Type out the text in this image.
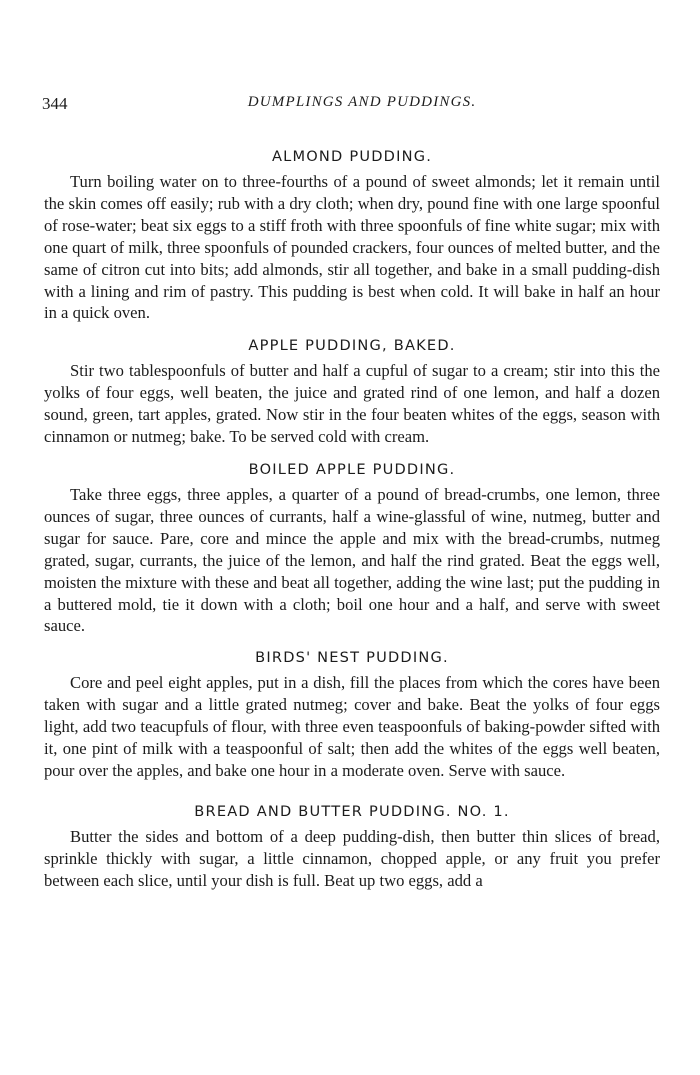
344	DUMPLINGS AND PUDDINGS.
ALMOND PUDDING.

Turn boiling water on to three-fourths of a pound of sweet almonds; let it remain until the skin comes off easily; rub with a dry cloth; when dry, pound fine with one large spoonful of rose-water; beat six eggs to a stiff froth with three spoonfuls of fine white sugar; mix with one quart of milk, three spoonfuls of pounded crackers, four ounces of melted butter, and the same of citron cut into bits; add almonds, stir all together, and bake in a small pudding-dish with a lining and rim of pastry. This pudding is best when cold. It will bake in half an hour in a quick oven.

APPLE PUDDING, BAKED.

Stir two tablespoonfuls of butter and half a cupful of sugar to a cream; stir into this the yolks of four eggs, well beaten, the juice and grated rind of one lemon, and half a dozen sound, green, tart apples, grated. Now stir in the four beaten whites of the eggs, season with cinnamon or nutmeg; bake. To be served cold with cream.

BOILED APPLE PUDDING.

Take three eggs, three apples, a quarter of a pound of bread-crumbs, one lemon, three ounces of sugar, three ounces of currants, half a wine-glassful of wine, nutmeg, butter and sugar for sauce. Pare, core and mince the apple and mix with the bread-crumbs, nutmeg grated, sugar, currants, the juice of the lemon, and half the rind grated. Beat the eggs well, moisten the mixture with these and beat all together, adding the wine last; put the pudding in a buttered mold, tie it down with a cloth; boil one hour and a half, and serve with sweet sauce.

BIRDS' NEST PUDDING.

Core and peel eight apples, put in a dish, fill the places from which the cores have been taken with sugar and a little grated nutmeg; cover and bake. Beat the yolks of four eggs light, add two teacupfuls of flour, with three even teaspoonfuls of baking-powder sifted with it, one pint of milk with a teaspoonful of salt; then add the whites of the eggs well beaten, pour over the apples, and bake one hour in a moderate oven. Serve with sauce.

BREAD AND BUTTER PUDDING. NO. 1.

Butter the sides and bottom of a deep pudding-dish, then butter thin slices of bread, sprinkle thickly with sugar, a little cinnamon, chopped apple, or any fruit you prefer between each slice, until your dish is full. Beat up two eggs, add a
